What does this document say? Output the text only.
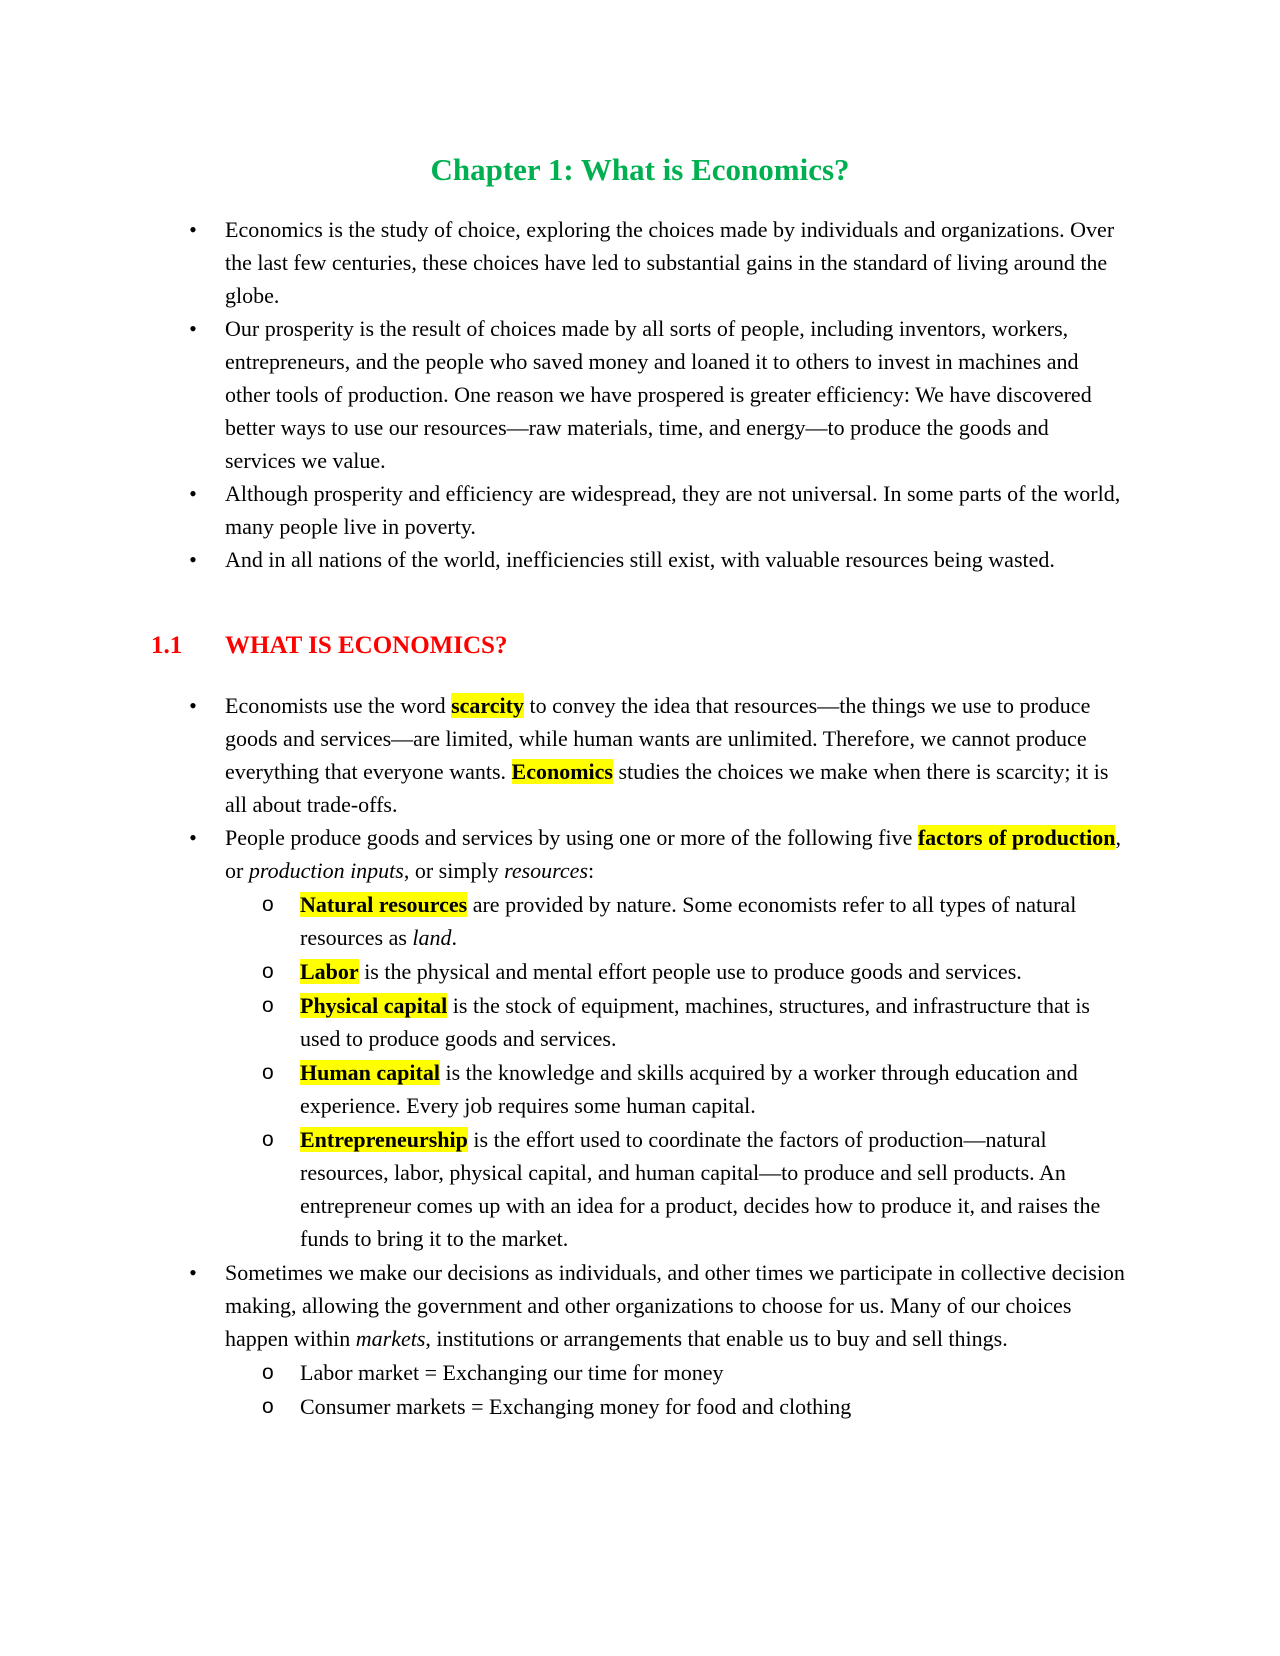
Chapter 1: What is Economics?
• Economics is the study of choice, exploring the choices made by individuals and organizations. Over the last few centuries, these choices have led to substantial gains in the standard of living around the globe.
• Our prosperity is the result of choices made by all sorts of people, including inventors, workers, entrepreneurs, and the people who saved money and loaned it to others to invest in machines and other tools of production. One reason we have prospered is greater efficiency: We have discovered better ways to use our resources—raw materials, time, and energy—to produce the goods and services we value.
• Although prosperity and efficiency are widespread, they are not universal. In some parts of the world, many people live in poverty.
• And in all nations of the world, inefficiencies still exist, with valuable resources being wasted.
1.1 WHAT IS ECONOMICS?
• Economists use the word scarcity to convey the idea that resources—the things we use to produce goods and services—are limited, while human wants are unlimited. Therefore, we cannot produce everything that everyone wants. Economics studies the choices we make when there is scarcity; it is all about trade-offs.
• People produce goods and services by using one or more of the following five factors of production, or production inputs, or simply resources:
o Natural resources are provided by nature. Some economists refer to all types of natural resources as land.
o Labor is the physical and mental effort people use to produce goods and services.
o Physical capital is the stock of equipment, machines, structures, and infrastructure that is used to produce goods and services.
o Human capital is the knowledge and skills acquired by a worker through education and experience. Every job requires some human capital.
o Entrepreneurship is the effort used to coordinate the factors of production—natural resources, labor, physical capital, and human capital—to produce and sell products. An entrepreneur comes up with an idea for a product, decides how to produce it, and raises the funds to bring it to the market.
• Sometimes we make our decisions as individuals, and other times we participate in collective decision making, allowing the government and other organizations to choose for us. Many of our choices happen within markets, institutions or arrangements that enable us to buy and sell things.
o Labor market = Exchanging our time for money
o Consumer markets = Exchanging money for food and clothing
